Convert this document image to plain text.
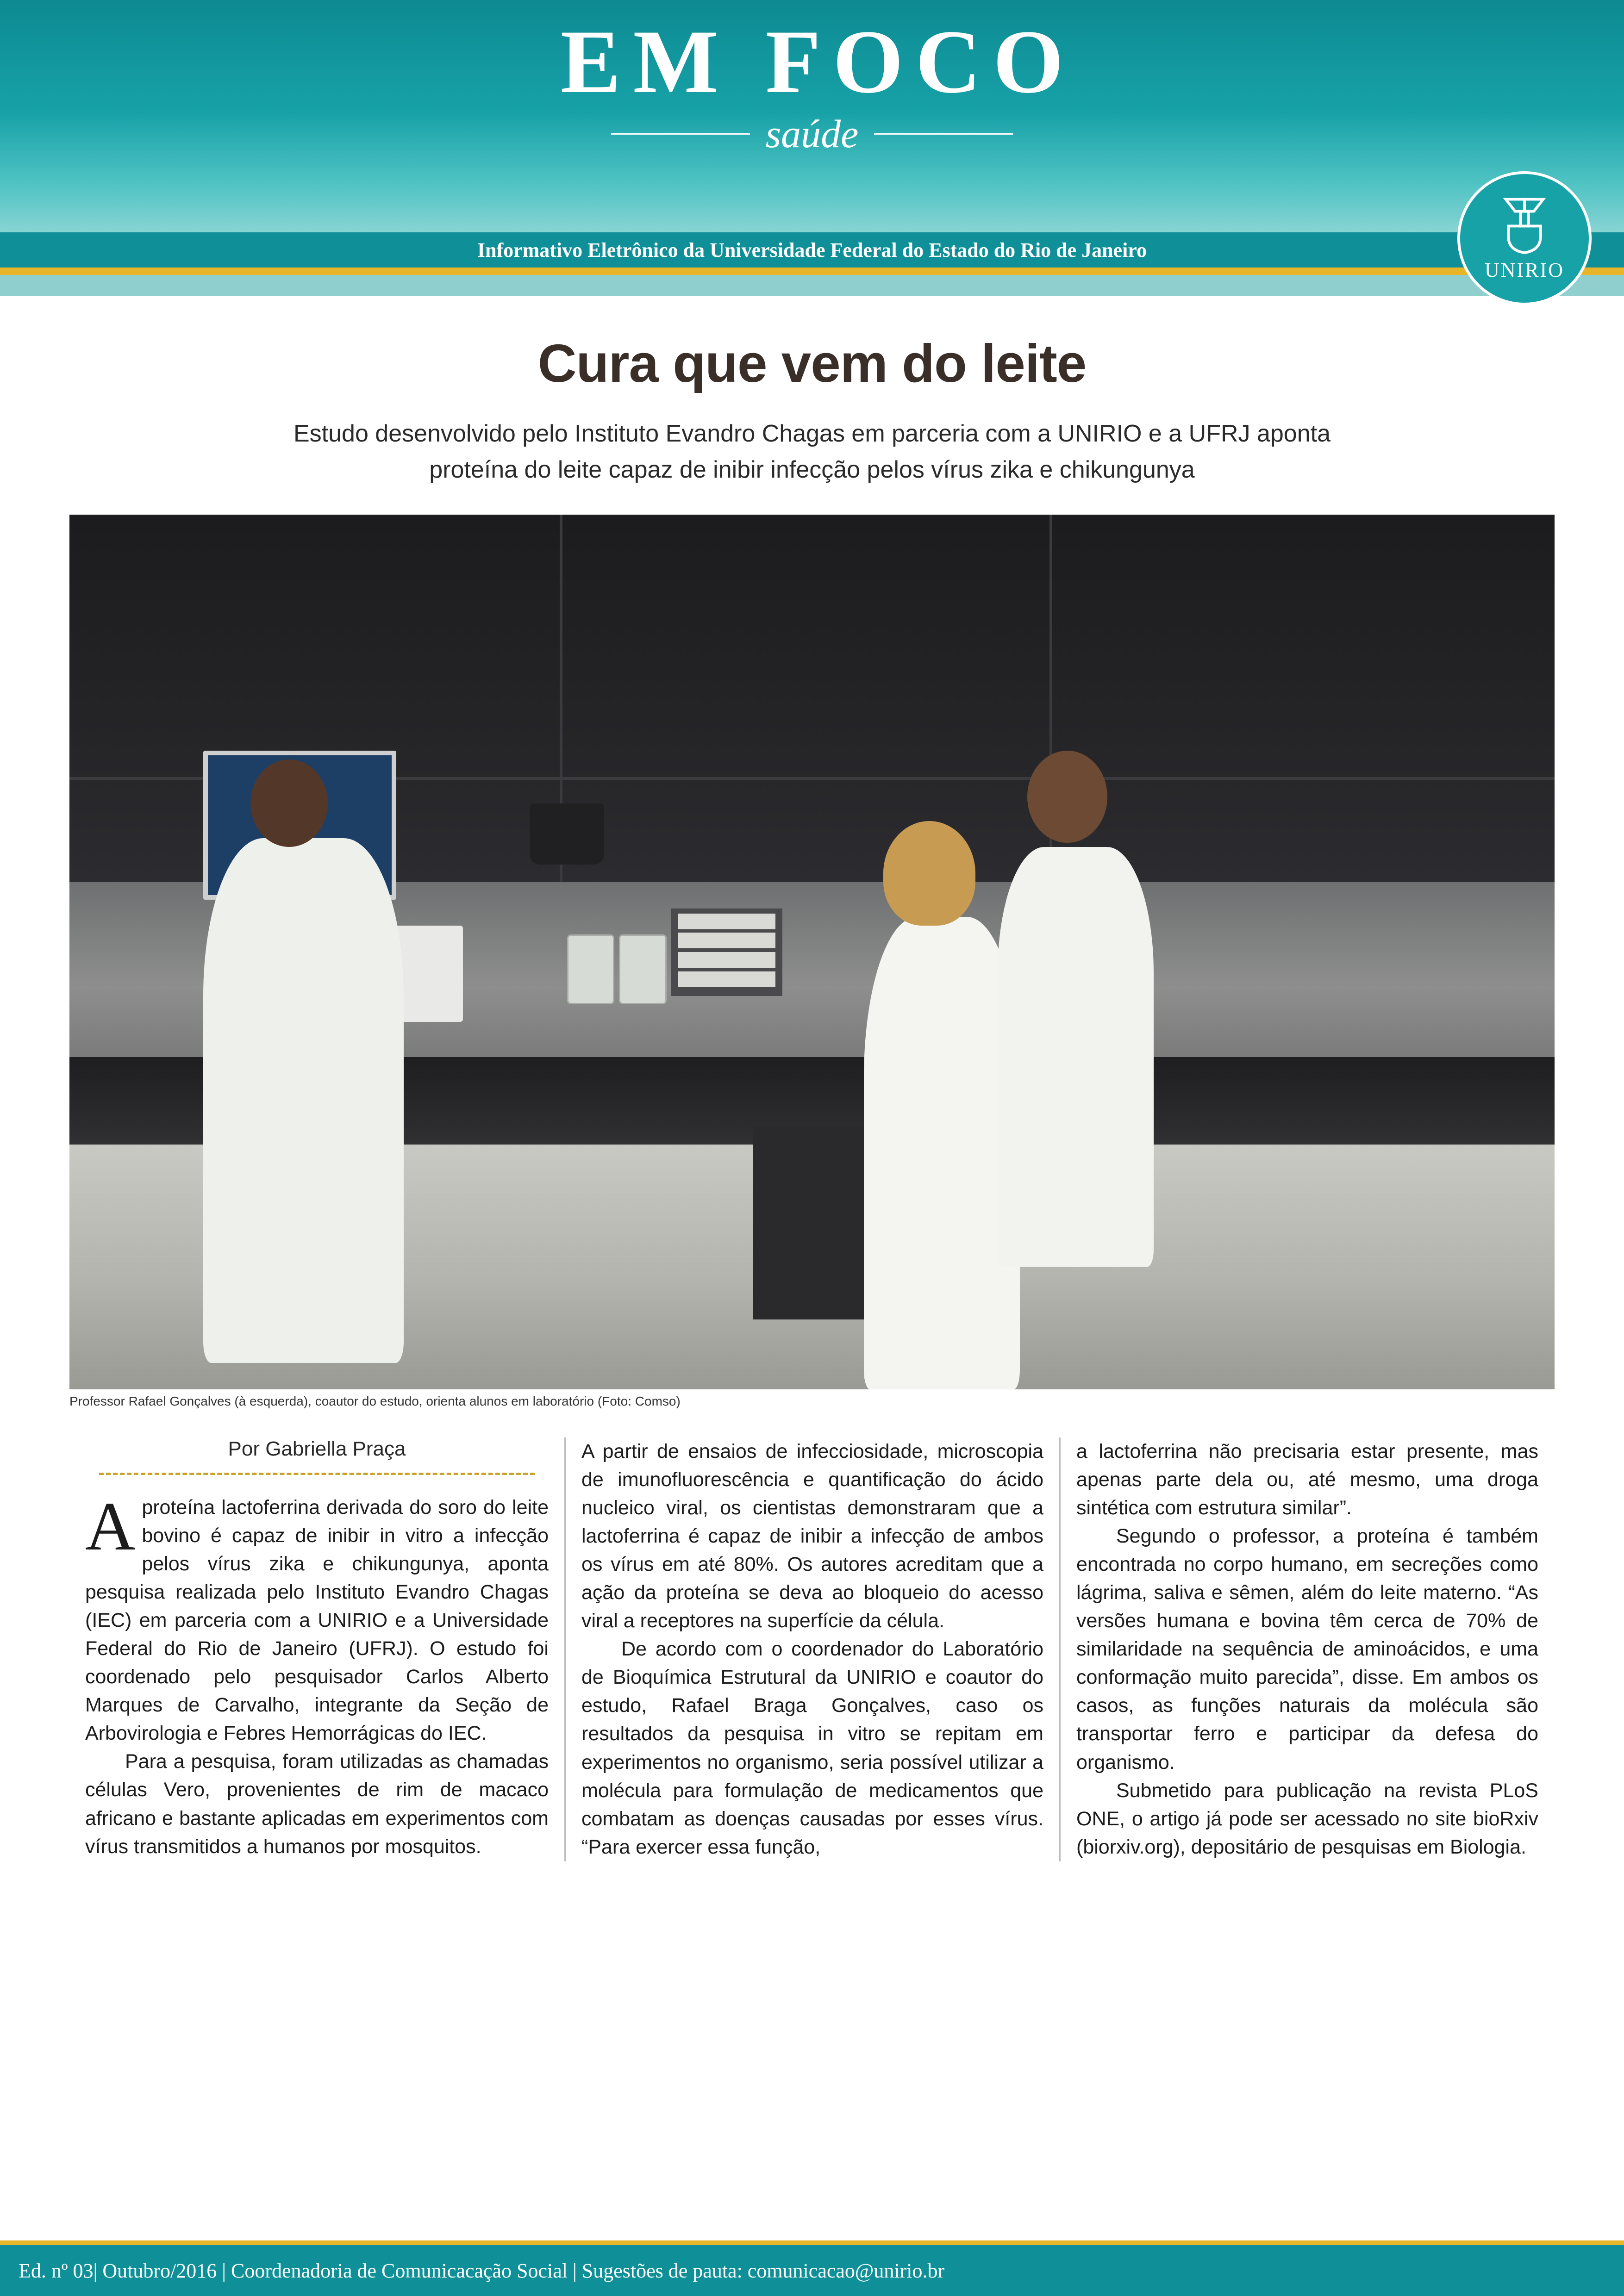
EM FOCO
saúde
Informativo Eletrônico da Universidade Federal do Estado do Rio de Janeiro
UNIRIO
Cura que vem do leite
Estudo desenvolvido pelo Instituto Evandro Chagas em parceria com a UNIRIO e a UFRJ aponta
proteína do leite capaz de inibir infecção pelos vírus zika e chikungunya
Professor Rafael Gonçalves (à esquerda), coautor do estudo, orienta alunos em laboratório (Foto: Comso)
Por Gabriella Praça

Aproteína lactoferrina derivada do soro do leite bovino é capaz de inibir in vitro a infecção pelos vírus zika e chikungunya, aponta pesquisa realizada pelo Instituto Evandro Chagas (IEC) em parceria com a UNIRIO e a Universidade Federal do Rio de Janeiro (UFRJ). O estudo foi coordenado pelo pesquisador Carlos Alberto Marques de Carvalho, integrante da Seção de Arbovirologia e Febres Hemorrágicas do IEC.

Para a pesquisa, foram utilizadas as chamadas células Vero, provenientes de rim de macaco africano e bastante aplicadas em experimentos com vírus transmitidos a humanos por mosquitos.

A partir de ensaios de infecciosidade, microscopia de imunofluorescência e quantificação do ácido nucleico viral, os cientistas demonstraram que a lactoferrina é capaz de inibir a infecção de ambos os vírus em até 80%. Os autores acreditam que a ação da proteína se deva ao bloqueio do acesso viral a receptores na superfície da célula.

De acordo com o coordenador do Laboratório de Bioquímica Estrutural da UNIRIO e coautor do estudo, Rafael Braga Gonçalves, caso os resultados da pesquisa in vitro se repitam em experimentos no organismo, seria possível utilizar a molécula para formulação de medicamentos que combatam as doenças causadas por esses vírus. “Para exercer essa função,

a lactoferrina não precisaria estar presente, mas apenas parte dela ou, até mesmo, uma droga sintética com estrutura similar”.

Segundo o professor, a proteína é também encontrada no corpo humano, em secreções como lágrima, saliva e sêmen, além do leite materno. “As versões humana e bovina têm cerca de 70% de similaridade na sequência de aminoácidos, e uma conformação muito parecida”, disse. Em ambos os casos, as funções naturais da molécula são transportar ferro e participar da defesa do organismo.

Submetido para publicação na revista PLoS ONE, o artigo já pode ser acessado no site bioRxiv (biorxiv.org), depositário de pesquisas em Biologia.

Ed. nº 03| Outubro/2016 | Coordenadoria de Comunicacação Social | Sugestões de pauta: comunicacao@unirio.br
